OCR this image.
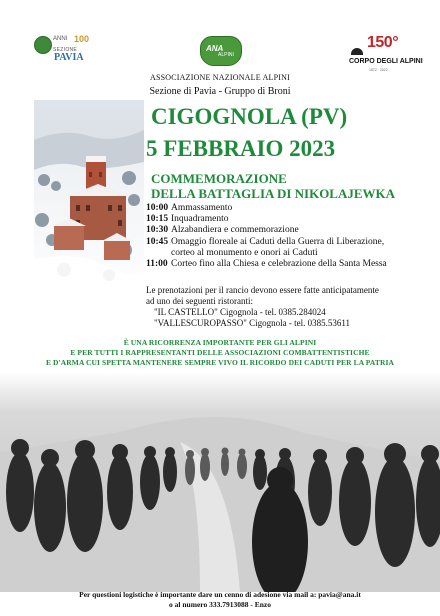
ANNI 100
SEZIONE
PAVIA
ANA
ALPINI
150°
CORPO DEGLI ALPINI
1872 · 2022
ASSOCIAZIONE NAZIONALE ALPINI
Sezione di Pavia - Gruppo di Broni
CIGOGNOLA (PV)
5 FEBBRAIO 2023
COMMEMORAZIONE
DELLA BATTAGLIA DI NIKOLAJEWKA
10:00 Ammassamento
10:15 Inquadramento
10:30 Alzabandiera e commemorazione
10:45 Omaggio floreale ai Caduti della Guerra di Liberazione,
corteo al monumento e onori ai Caduti
11:00 Corteo fino alla Chiesa e celebrazione della Santa Messa
Le prenotazioni per il rancio devono essere fatte anticipatamente
ad uno dei seguenti ristoranti:
"IL CASTELLO" Cigognola - tel. 0385.284024
"VALLESCUROPASSO" Cigognola - tel. 0385.53611
È UNA RICORRENZA IMPORTANTE PER GLI ALPINI
E PER TUTTI I RAPPRESENTANTI DELLE ASSOCIAZIONI COMBATTENTISTICHE
E D'ARMA CUI SPETTA MANTENERE SEMPRE VIVO IL RICORDO DEI CADUTI PER LA PATRIA
Per questioni logistiche è importante dare un cenno di adesione via mail a: pavia@ana.it
o al numero 333.7913088 - Enzo
